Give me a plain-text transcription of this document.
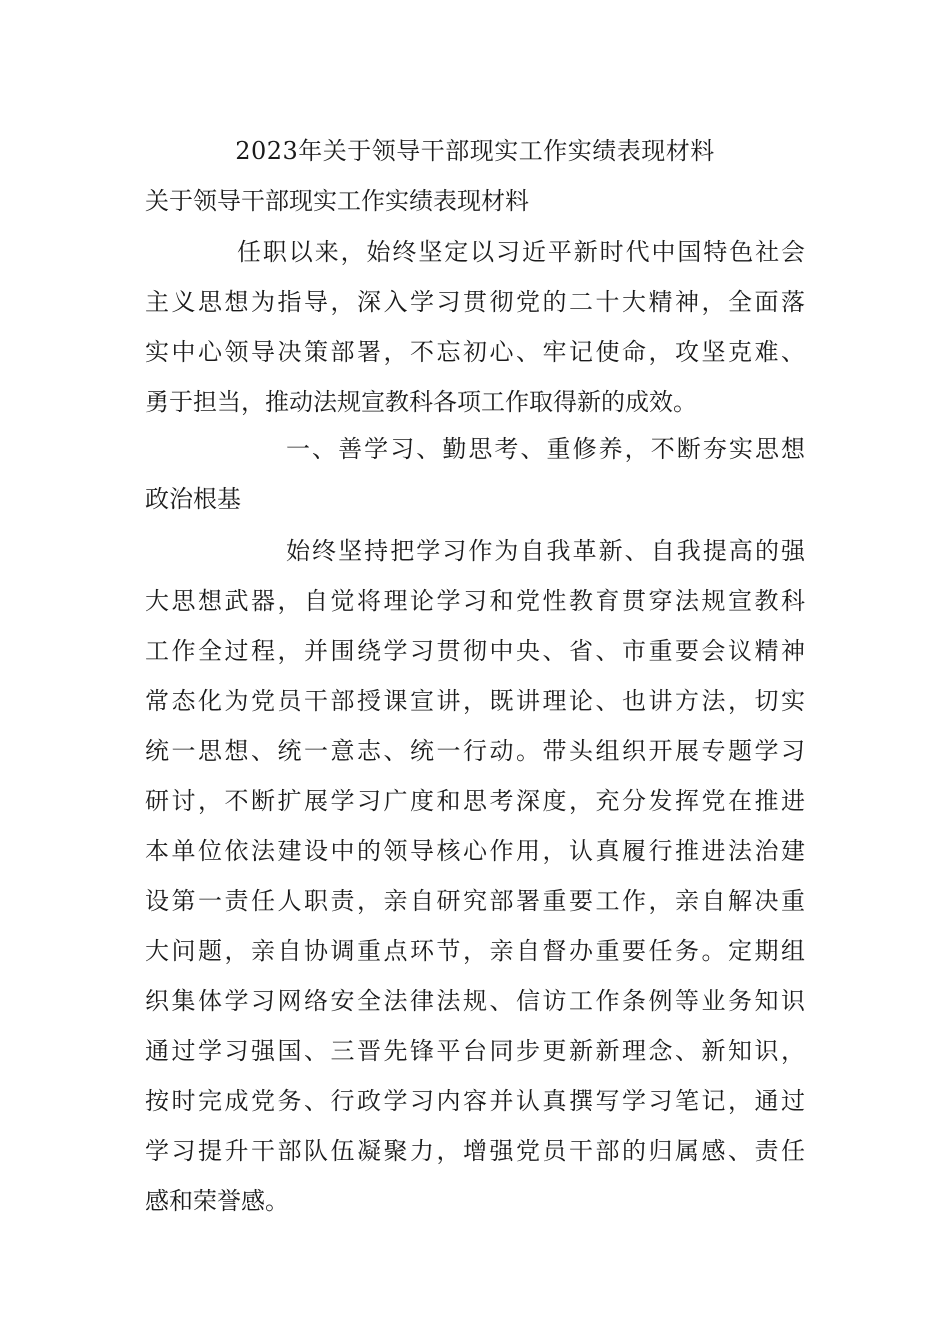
2023年关于领导干部现实工作实绩表现材料
关于领导干部现实工作实绩表现材料
任职以来，始终坚定以习近平新时代中国特色社会
主义思想为指导，深入学习贯彻党的二十大精神，全面落
实中心领导决策部署，不忘初心、牢记使命，攻坚克难、
勇于担当，推动法规宣教科各项工作取得新的成效。
一、善学习、勤思考、重修养，不断夯实思想
政治根基
始终坚持把学习作为自我革新、自我提高的强
大思想武器，自觉将理论学习和党性教育贯穿法规宣教科
工作全过程，并围绕学习贯彻中央、省、市重要会议精神
常态化为党员干部授课宣讲，既讲理论、也讲方法，切实
统一思想、统一意志、统一行动。带头组织开展专题学习
研讨，不断扩展学习广度和思考深度，充分发挥党在推进
本单位依法建设中的领导核心作用，认真履行推进法治建
设第一责任人职责，亲自研究部署重要工作，亲自解决重
大问题，亲自协调重点环节，亲自督办重要任务。定期组
织集体学习网络安全法律法规、信访工作条例等业务知识
通过学习强国、三晋先锋平台同步更新新理念、新知识，
按时完成党务、行政学习内容并认真撰写学习笔记，通过
学习提升干部队伍凝聚力，增强党员干部的归属感、责任
感和荣誉感。
